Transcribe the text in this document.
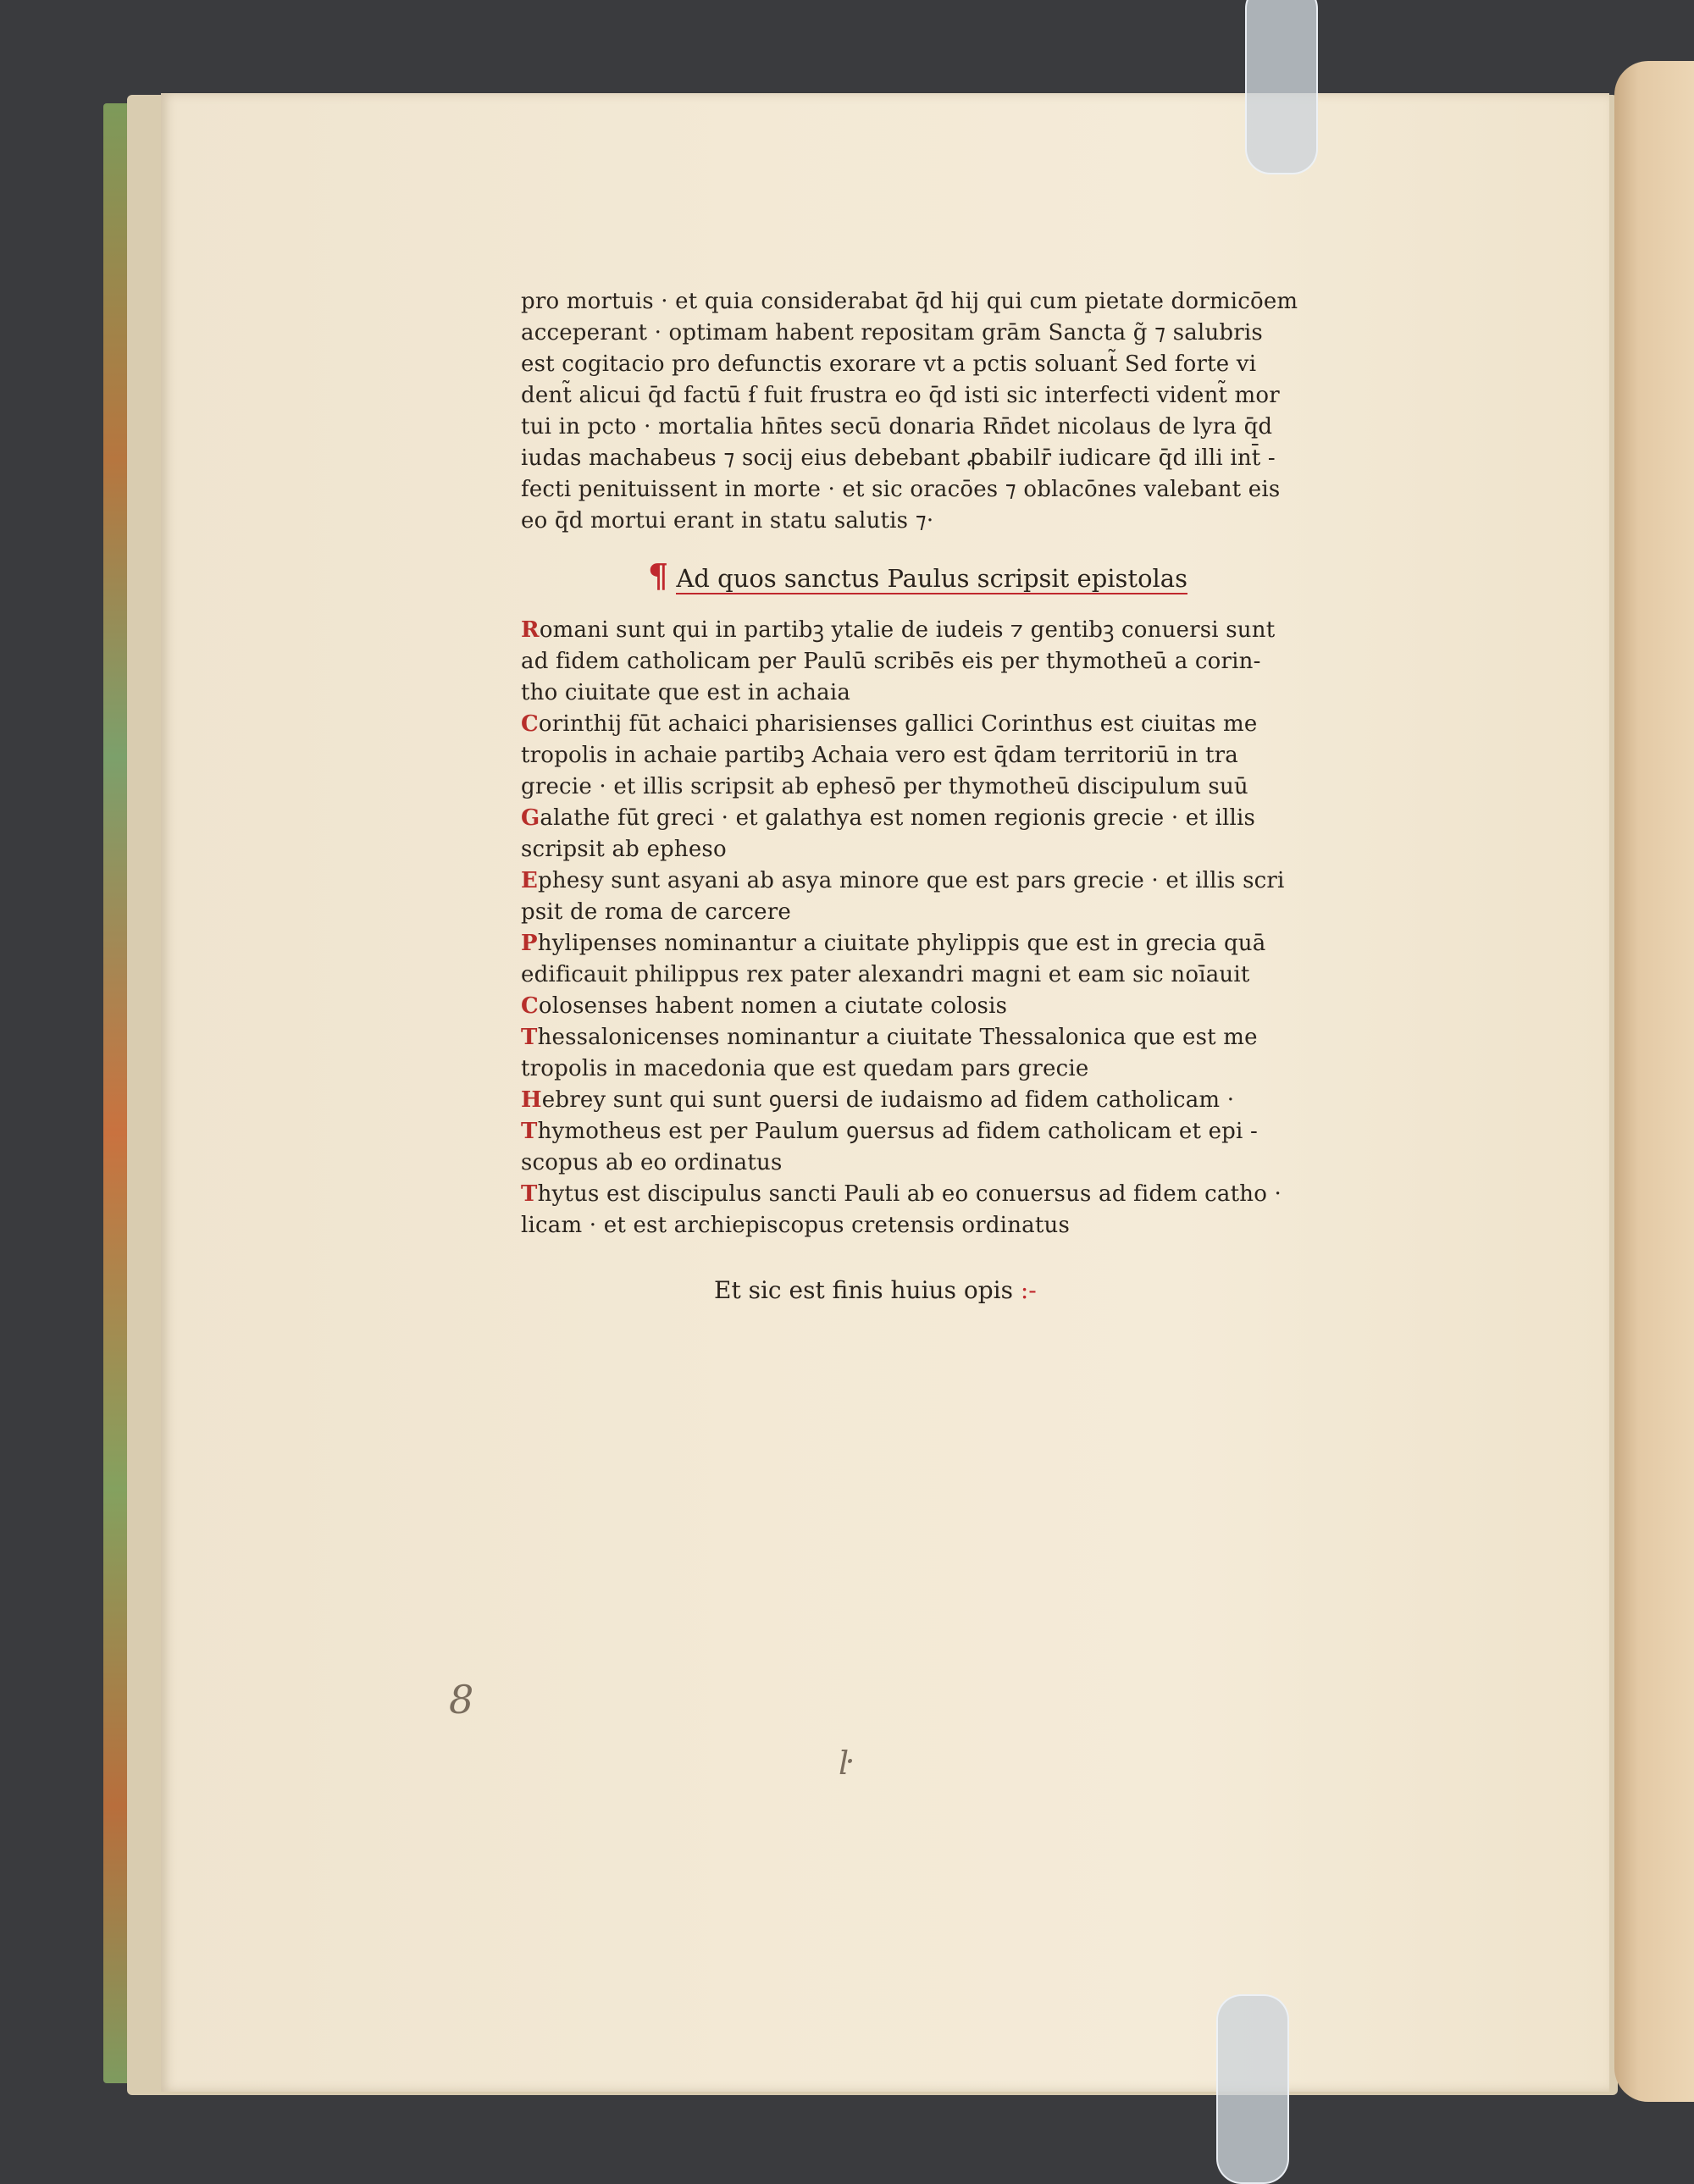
pro mortuis · et quia considerabat q̄d hij qui cum pietate dormicōem
acceperant · optimam habent repositam grām Sancta g̃ ⁊ salubris
est cogitacio pro defunctis exorare vt a pctis soluant̃ Sed forte vi
dent̃ alicui q̄d factū ẜ fuit frustra eo q̄d isti sic interfecti vident̃ mor
tui in pcto · mortalia hn̄tes secū donaria Rn̄det nicolaus de lyra q̄d
iudas machabeus ⁊ socij eius debebant ꝓbabilr̄ iudicare q̄d illi int̄ -
fecti penituissent in morte · et sic oracōes ⁊ oblacōnes valebant eis
eo q̄d mortui erant in statu salutis ⁊·
¶ Ad quos sanctus Paulus scripsit epistolas
Romani sunt qui in partibꝫ ytalie de iudeis ⁊ gentibꝫ conuersi sunt
ad fidem catholicam per Paulū scribēs eis per thymotheū a corin-
tho ciuitate que est in achaia
Corinthij fūt achaici pharisienses gallici Corinthus est ciuitas me
tropolis in achaie partibꝫ Achaia vero est q̄dam territoriū in tra
grecie · et illis scripsit ab ephesō per thymotheū discipulum suū
Galathe fūt greci · et galathya est nomen regionis grecie · et illis
scripsit ab epheso
Ephesy sunt asyani ab asya minore que est pars grecie · et illis scri
psit de roma de carcere
Phylipenses nominantur a ciuitate phylippis que est in grecia quā
edificauit philippus rex pater alexandri magni et eam sic noīauit
Colosenses habent nomen a ciutate colosis
Thessalonicenses nominantur a ciuitate Thessalonica que est me
tropolis in macedonia que est quedam pars grecie
Hebrey sunt qui sunt ꝯuersi de iudaismo ad fidem catholicam ·
Thymotheus est per Paulum ꝯuersus ad fidem catholicam et epi -
scopus ab eo ordinatus
Thytus est discipulus sancti Pauli ab eo conuersus ad fidem catho ·
licam · et est archiepiscopus cretensis ordinatus
Et sic est finis huius opis :-
8
ŀ
